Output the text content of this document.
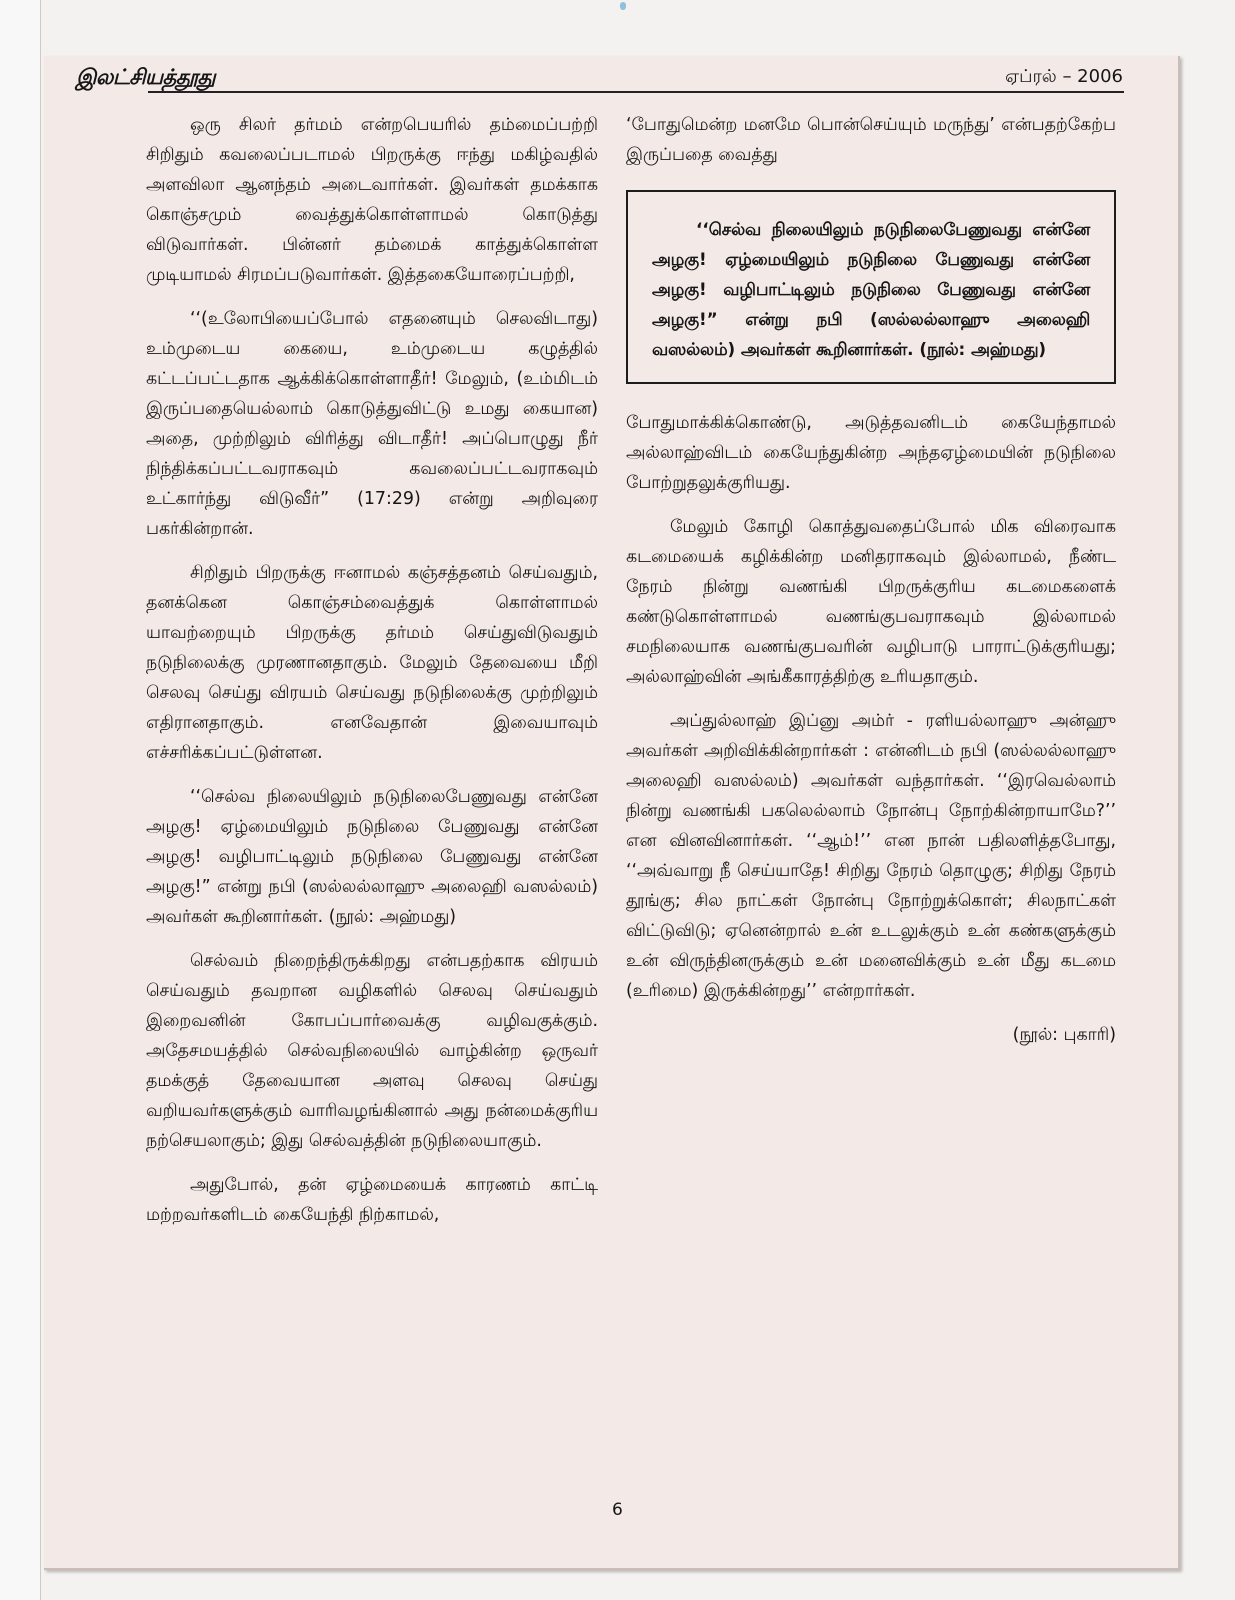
இலட்சியத்தூது	ஏப்ரல் – 2006

ஒரு சிலர் தர்மம் என்றபெயரில் தம்மைப்பற்றி சிறிதும் கவலைப்படாமல் பிறருக்கு ஈந்து மகிழ்வதில் அளவிலா ஆனந்தம் அடைவார்கள். இவர்கள் தமக்காக கொஞ்சமும் வைத்துக்கொள்ளாமல் கொடுத்து விடுவார்கள். பின்னர் தம்மைக் காத்துக்கொள்ள முடியாமல் சிரமப்படுவார்கள். இத்தகையோரைப்பற்றி,

‘‘(உலோபியைப்போல் எதனையும் செலவிடாது) உம்முடைய கையை, உம்முடைய கழுத்தில் கட்டப்பட்டதாக ஆக்கிக்கொள்ளாதீர்! மேலும், (உம்மிடம் இருப்பதையெல்லாம் கொடுத்துவிட்டு உமது கையான) அதை, முற்றிலும் விரித்து விடாதீர்! அப்பொழுது நீர் நிந்திக்கப்பட்டவராகவும் கவலைப்பட்டவராகவும் உட்கார்ந்து விடுவீர்” (17:29) என்று அறிவுரை பகர்கின்றான்.

சிறிதும் பிறருக்கு ஈனாமல் கஞ்சத்தனம் செய்வதும், தனக்கென கொஞ்சம்வைத்துக் கொள்ளாமல் யாவற்றையும் பிறருக்கு தர்மம் செய்துவிடுவதும் நடுநிலைக்கு முரணானதாகும். மேலும் தேவையை மீறி செலவு செய்து விரயம் செய்வது நடுநிலைக்கு முற்றிலும் எதிரானதாகும். எனவேதான் இவையாவும் எச்சரிக்கப்பட்டுள்ளன.

‘‘செல்வ நிலையிலும் நடுநிலைபேணுவது என்னே அழகு! ஏழ்மையிலும் நடுநிலை பேணுவது என்னே அழகு! வழிபாட்டிலும் நடுநிலை பேணுவது என்னே அழகு!” என்று நபி (ஸல்லல்லாஹு அலைஹி வஸல்லம்) அவர்கள் கூறினார்கள். (நூல்: அஹ்மது)

செல்வம் நிறைந்திருக்கிறது என்பதற்காக விரயம் செய்வதும் தவறான வழிகளில் செலவு செய்வதும் இறைவனின் கோபப்பார்வைக்கு வழிவகுக்கும். அதேசமயத்தில் செல்வநிலையில் வாழ்கின்ற ஒருவர் தமக்குத் தேவையான அளவு செலவு செய்து வறியவர்களுக்கும் வாரிவழங்கினால் அது நன்மைக்குரிய நற்செயலாகும்; இது செல்வத்தின் நடுநிலையாகும்.

அதுபோல், தன் ஏழ்மையைக் காரணம் காட்டி மற்றவர்களிடம் கையேந்தி நிற்காமல்,

‘போதுமென்ற மனமே பொன்செய்யும் மருந்து’ என்பதற்கேற்ப இருப்பதை வைத்து

‘‘செல்வ நிலையிலும் நடுநிலைபேணுவது என்னே அழகு! ஏழ்மையிலும் நடுநிலை பேணுவது என்னே அழகு! வழிபாட்டிலும் நடுநிலை பேணுவது என்னே அழகு!” என்று நபி (ஸல்லல்லாஹு அலைஹி வஸல்லம்) அவர்கள் கூறினார்கள். (நூல்: அஹ்மது)

போதுமாக்கிக்கொண்டு, அடுத்தவனிடம் கையேந்தாமல் அல்லாஹ்விடம் கையேந்துகின்ற அந்தஏழ்மையின் நடுநிலை போற்றுதலுக்குரியது.

மேலும் கோழி கொத்துவதைப்போல் மிக விரைவாக கடமையைக் கழிக்கின்ற மனிதராகவும் இல்லாமல், நீண்ட நேரம் நின்று வணங்கி பிறருக்குரிய கடமைகளைக் கண்டுகொள்ளாமல் வணங்குபவராகவும் இல்லாமல் சமநிலையாக வணங்குபவரின் வழிபாடு பாராட்டுக்குரியது; அல்லாஹ்வின் அங்கீகாரத்திற்கு உரியதாகும்.

அப்துல்லாஹ் இப்னு அம்ர் - ரளியல்லாஹு அன்ஹு அவர்கள் அறிவிக்கின்றார்கள் : என்னிடம் நபி (ஸல்லல்லாஹு அலைஹி வஸல்லம்) அவர்கள் வந்தார்கள். ‘‘இரவெல்லாம் நின்று வணங்கி பகலெல்லாம் நோன்பு நோற்கின்றாயாமே?’’ என வினவினார்கள். ‘‘ஆம்!’’ என நான் பதிலளித்தபோது, ‘‘அவ்வாறு நீ செய்யாதே! சிறிது நேரம் தொழுகு; சிறிது நேரம் தூங்கு; சில நாட்கள் நோன்பு நோற்றுக்கொள்; சிலநாட்கள் விட்டுவிடு; ஏனென்றால் உன் உடலுக்கும் உன் கண்களுக்கும் உன் விருந்தினருக்கும் உன் மனைவிக்கும் உன் மீது கடமை (உரிமை) இருக்கின்றது’’ என்றார்கள்.

(நூல்: புகாரி)

6
